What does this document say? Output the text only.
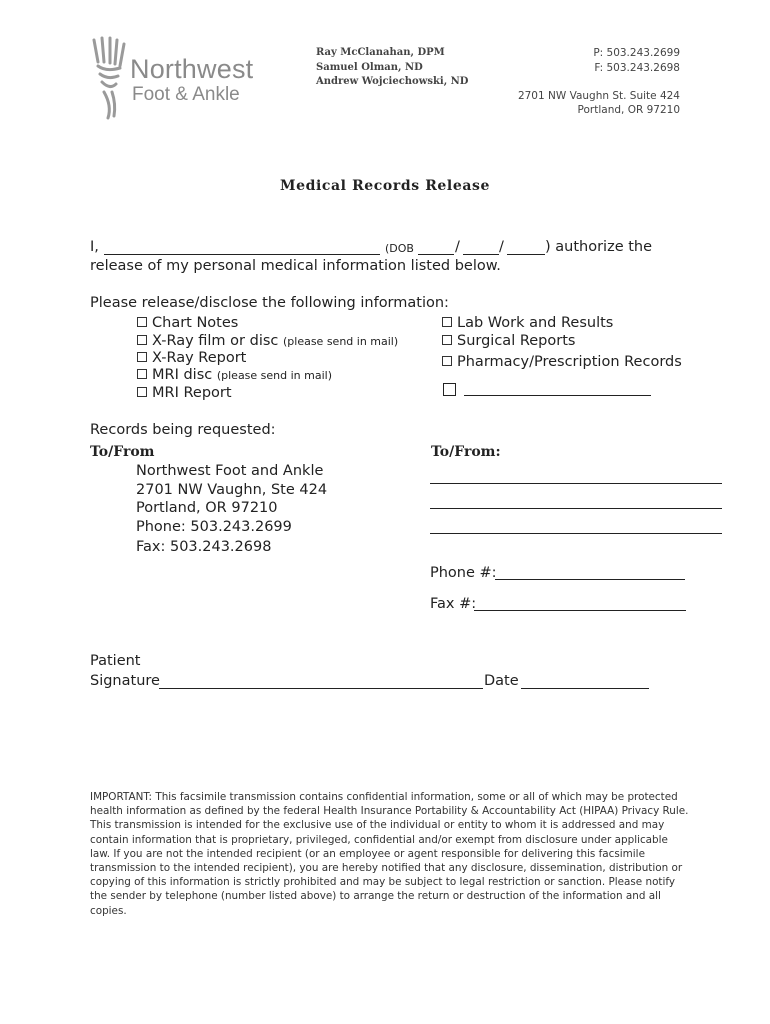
Northwest
Foot & Ankle
Ray McClanahan, DPM
Samuel Olman, ND
Andrew Wojciechowski, ND
P: 503.243.2699
F: 503.243.2698
2701 NW Vaughn St. Suite 424
Portland, OR 97210
Medical Records Release
I,	(DOB	/	/	) authorize the
release of my personal medical information listed below.
Please release/disclose the following information:
Chart Notes
X-Ray film or disc (please send in mail)
X-Ray Report
MRI disc (please send in mail)
MRI Report
Lab Work and Results
Surgical Reports
Pharmacy/Prescription Records
Records being requested:
To/From	To/From:
Northwest Foot and Ankle
2701 NW Vaughn, Ste 424
Portland, OR 97210
Phone: 503.243.2699
Fax: 503.243.2698
Phone #:
Fax #:
Patient
Signature	Date

IMPORTANT: This facsimile transmission contains confidential information, some or all of which may be protected health information as defined by the federal Health Insurance Portability & Accountability Act (HIPAA) Privacy Rule. This transmission is intended for the exclusive use of the individual or entity to whom it is addressed and may contain information that is proprietary, privileged, confidential and/or exempt from disclosure under applicable law. If you are not the intended recipient (or an employee or agent responsible for delivering this facsimile transmission to the intended recipient), you are hereby notified that any disclosure, dissemination, distribution or copying of this information is strictly prohibited and may be subject to legal restriction or sanction. Please notify the sender by telephone (number listed above) to arrange the return or destruction of the information and all copies.
